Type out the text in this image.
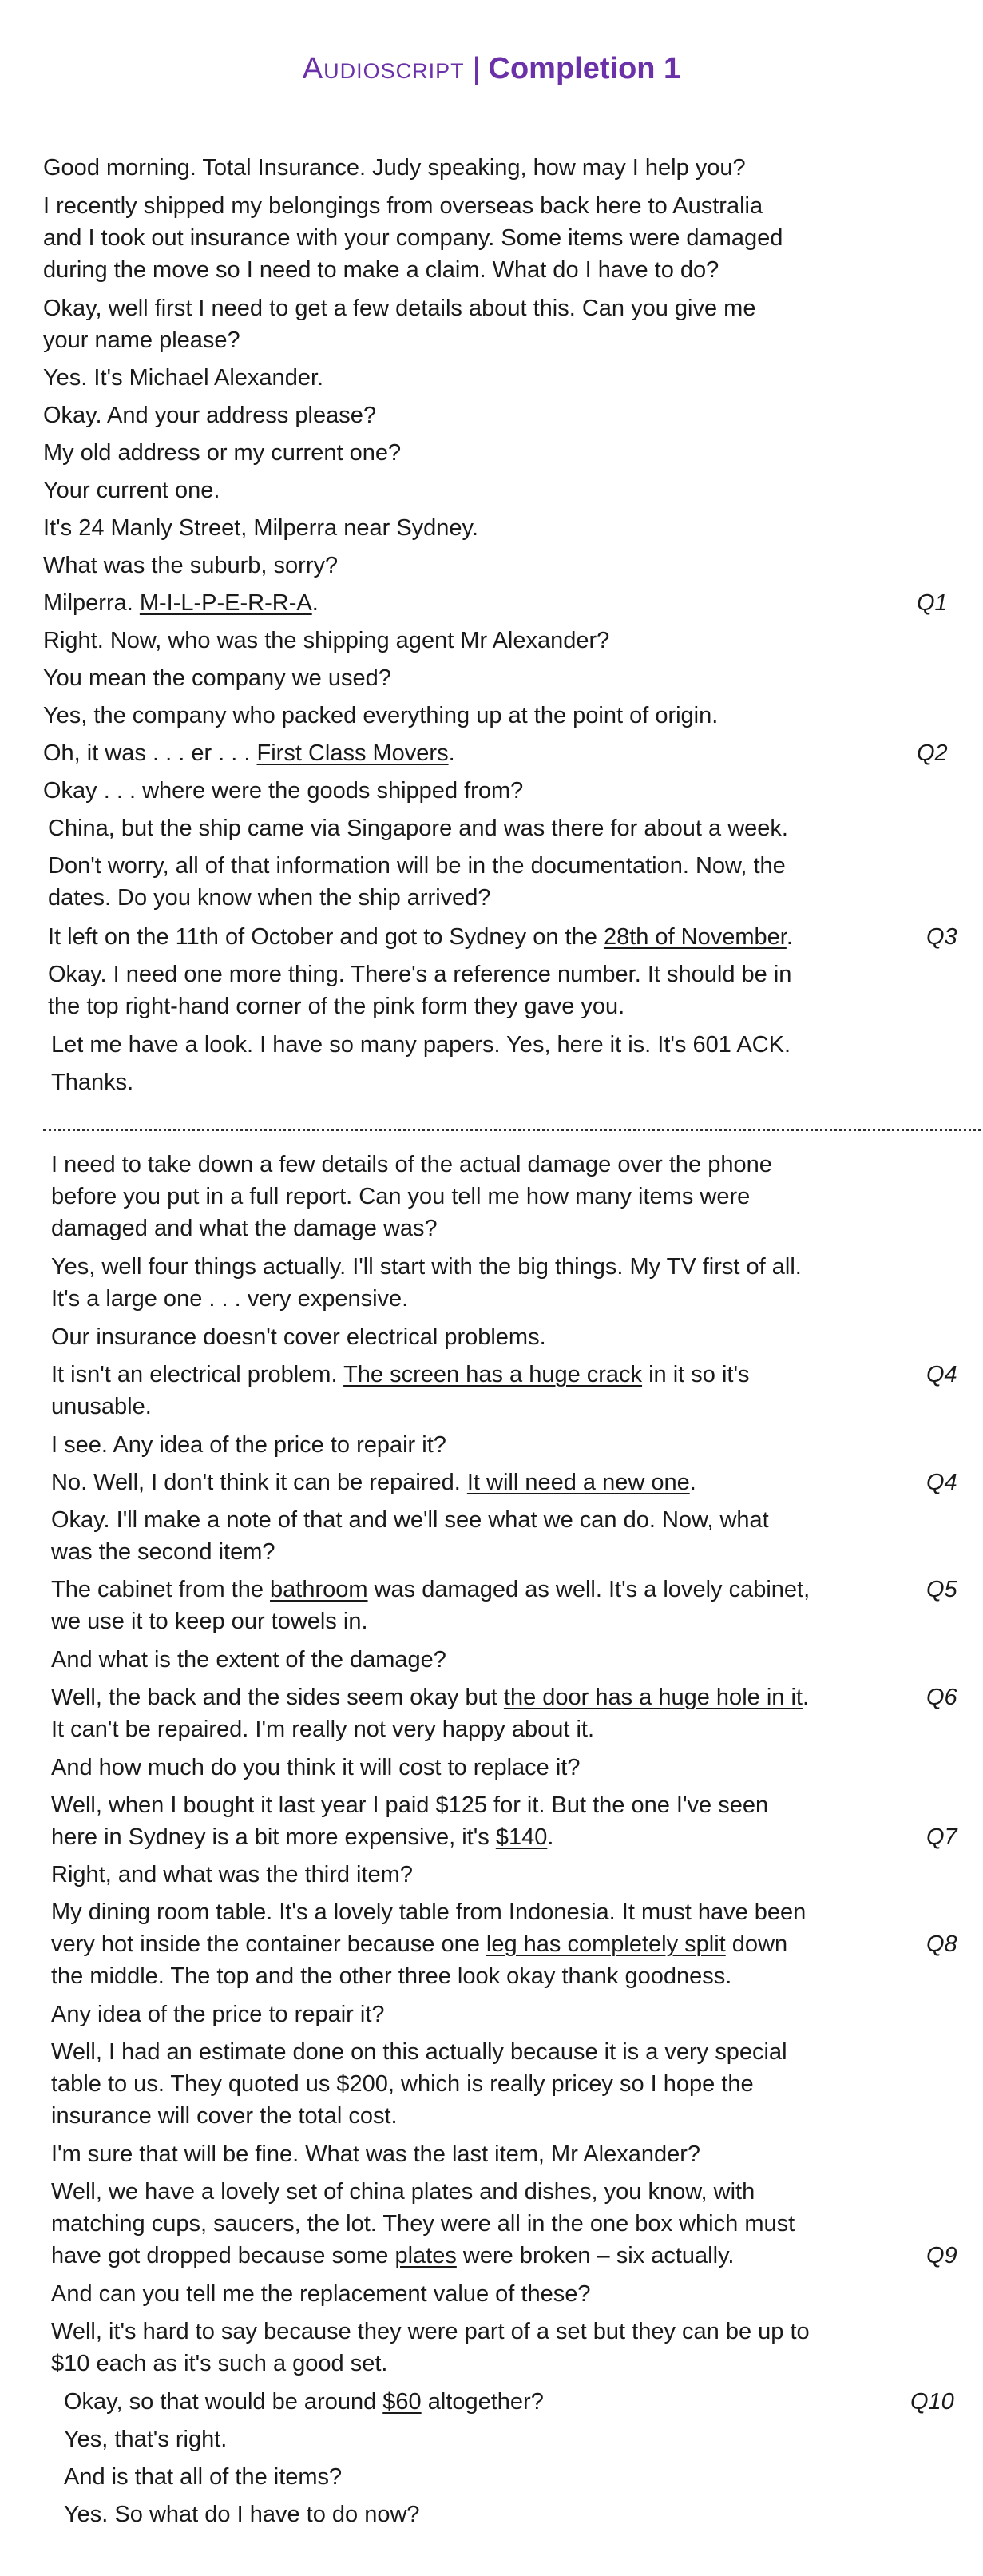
Audioscript | Completion 1
Good morning. Total Insurance. Judy speaking, how may I help you?
I recently shipped my belongings from overseas back here to Australia
and I took out insurance with your company. Some items were damaged
during the move so I need to make a claim. What do I have to do?
Okay, well first I need to get a few details about this. Can you give me
your name please?
Yes. It's Michael Alexander.
Okay. And your address please?
My old address or my current one?
Your current one.
It's 24 Manly Street, Milperra near Sydney.
What was the suburb, sorry?
Milperra. M-I-L-P-E-R-R-A.	Q1
Right. Now, who was the shipping agent Mr Alexander?
You mean the company we used?
Yes, the company who packed everything up at the point of origin.
Oh, it was . . . er . . . First Class Movers.	Q2
Okay . . . where were the goods shipped from?
China, but the ship came via Singapore and was there for about a week.
Don't worry, all of that information will be in the documentation. Now, the
dates. Do you know when the ship arrived?
It left on the 11th of October and got to Sydney on the 28th of November.	Q3
Okay. I need one more thing. There's a reference number. It should be in
the top right-hand corner of the pink form they gave you.
Let me have a look. I have so many papers. Yes, here it is. It's 601 ACK.
Thanks.
I need to take down a few details of the actual damage over the phone
before you put in a full report. Can you tell me how many items were
damaged and what the damage was?
Yes, well four things actually. I'll start with the big things. My TV first of all.
It's a large one . . . very expensive.
Our insurance doesn't cover electrical problems.
It isn't an electrical problem. The screen has a huge crack in it so it's	Q4
unusable.
I see. Any idea of the price to repair it?
No. Well, I don't think it can be repaired. It will need a new one.	Q4
Okay. I'll make a note of that and we'll see what we can do. Now, what
was the second item?
The cabinet from the bathroom was damaged as well. It's a lovely cabinet,	Q5
we use it to keep our towels in.
And what is the extent of the damage?
Well, the back and the sides seem okay but the door has a huge hole in it.	Q6
It can't be repaired. I'm really not very happy about it.
And how much do you think it will cost to replace it?
Well, when I bought it last year I paid $125 for it. But the one I've seen
here in Sydney is a bit more expensive, it's $140.	Q7
Right, and what was the third item?
My dining room table. It's a lovely table from Indonesia. It must have been
very hot inside the container because one leg has completely split down	Q8
the middle. The top and the other three look okay thank goodness.
Any idea of the price to repair it?
Well, I had an estimate done on this actually because it is a very special
table to us. They quoted us $200, which is really pricey so I hope the
insurance will cover the total cost.
I'm sure that will be fine. What was the last item, Mr Alexander?
Well, we have a lovely set of china plates and dishes, you know, with
matching cups, saucers, the lot. They were all in the one box which must
have got dropped because some plates were broken – six actually.	Q9
And can you tell me the replacement value of these?
Well, it's hard to say because they were part of a set but they can be up to
$10 each as it's such a good set.
Okay, so that would be around $60 altogether?	Q10
Yes, that's right.
And is that all of the items?
Yes. So what do I have to do now?
